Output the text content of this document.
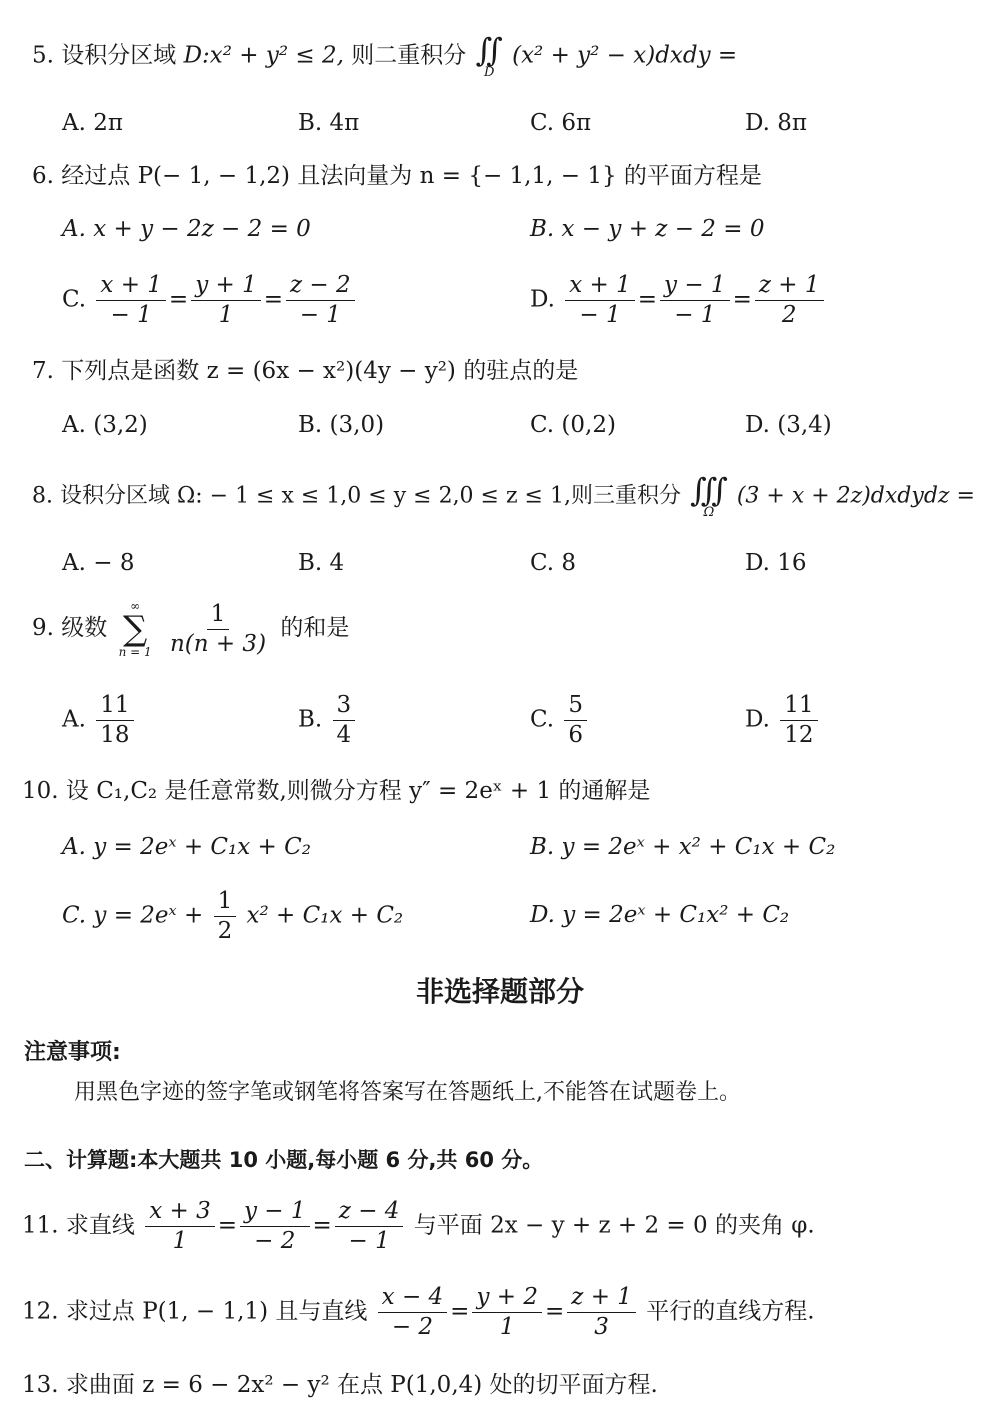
5. 设积分区域 D:x² + y² ≤ 2, 则二重积分 ∬
D
(x² + y² − x)dxdy =
A. 2π	B. 4π	C. 6π	D. 8π
6. 经过点 P(− 1, − 1,2) 且法向量为 n = {− 1,1, − 1} 的平面方程是
A. x + y − 2z − 2 = 0	B. x − y + z − 2 = 0
C. $\frac{x + 1}{- 1} = \frac{y + 1}{1} = \frac{z - 2}{- 1}$	D. $\frac{x + 1}{- 1} = \frac{y - 1}{- 1} = \frac{z + 1}{2}$
7. 下列点是函数 z = (6x − x²)(4y − y²) 的驻点的是
A. (3,2)	B. (3,0)	C. (0,2)	D. (3,4)
8. 设积分区域 Ω: − 1 ≤ x ≤ 1,0 ≤ y ≤ 2,0 ≤ z ≤ 1,则三重积分 ∭
Ω
(3 + x + 2z)dxdydz =
A. − 8	B. 4	C. 8	D. 16
9. 级数
∞
∑
n = 1
$\frac{1}{n(n + 3)}$ 的和是
A. $\frac{11}{18}$	B. $\frac{3}{4}$	C. $\frac{5}{6}$	D. $\frac{11}{12}$
10. 设 C₁,C₂ 是任意常数,则微分方程 y″ = 2eˣ + 1 的通解是
A. y = 2eˣ + C₁x + C₂	B. y = 2eˣ + x² + C₁x + C₂
C. y = 2eˣ + $\frac{1}{2} x^2 + C_1x + C_2$	D. y = 2eˣ + C₁x² + C₂
非选择题部分
注意事项:
用黑色字迹的签字笔或钢笔将答案写在答题纸上,不能答在试题卷上。
二、计算题:本大题共 10 小题,每小题 6 分,共 60 分。
11. 求直线 $\frac{x + 3}{1} = \frac{y - 1}{- 2} = \frac{z - 4}{- 1}$ 与平面 2x − y + z + 2 = 0 的夹角 φ.
12. 求过点 P(1, − 1,1) 且与直线 $\frac{x - 4}{- 2} = \frac{y + 2}{1} = \frac{z + 1}{3}$ 平行的直线方程.
13. 求曲面 z = 6 − 2x² − y² 在点 P(1,0,4) 处的切平面方程.
